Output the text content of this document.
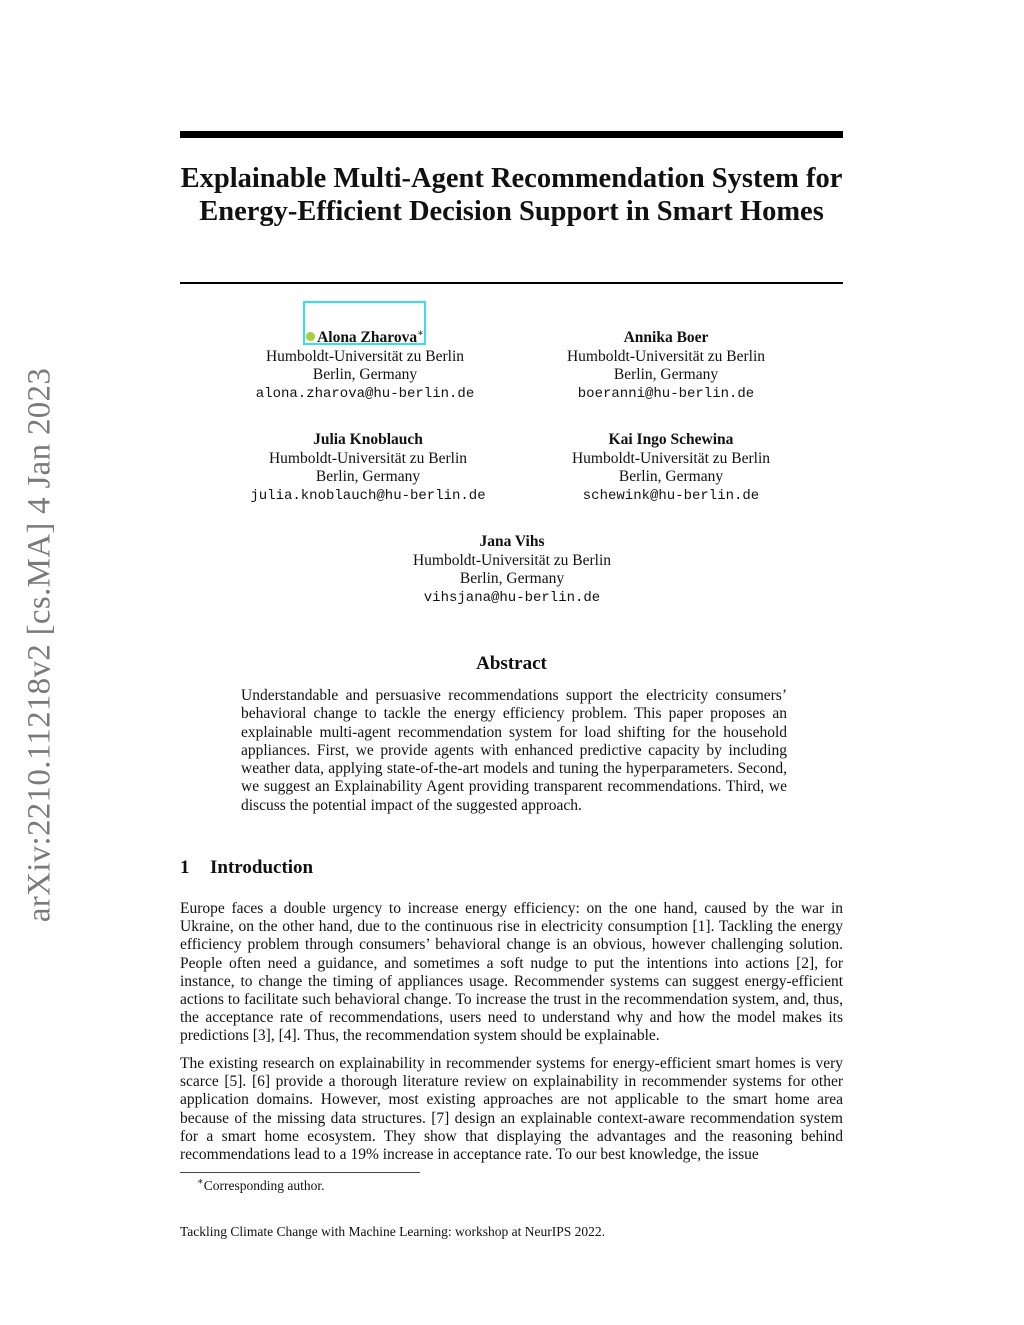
arXiv:2210.11218v2 [cs.MA] 4 Jan 2023
Explainable Multi-Agent Recommendation System for Energy-Efficient Decision Support in Smart Homes
Alona Zharova∗
Humboldt-Universität zu Berlin
Berlin, Germany
alona.zharova@hu-berlin.de
Annika Boer
Humboldt-Universität zu Berlin
Berlin, Germany
boeranni@hu-berlin.de
Julia Knoblauch
Humboldt-Universität zu Berlin
Berlin, Germany
julia.knoblauch@hu-berlin.de
Kai Ingo Schewina
Humboldt-Universität zu Berlin
Berlin, Germany
schewink@hu-berlin.de
Jana Vihs
Humboldt-Universität zu Berlin
Berlin, Germany
vihsjana@hu-berlin.de
Abstract
Understandable and persuasive recommendations support the electricity consumers’ behavioral change to tackle the energy efficiency problem. This paper proposes an explainable multi-agent recommendation system for load shifting for the household appliances. First, we provide agents with enhanced predictive capacity by including weather data, applying state-of-the-art models and tuning the hyperparameters. Second, we suggest an Explainability Agent providing transparent recommendations. Third, we discuss the potential impact of the suggested approach.
1 Introduction
Europe faces a double urgency to increase energy efficiency: on the one hand, caused by the war in Ukraine, on the other hand, due to the continuous rise in electricity consumption [1]. Tackling the energy efficiency problem through consumers’ behavioral change is an obvious, however challenging solution. People often need a guidance, and sometimes a soft nudge to put the intentions into actions [2], for instance, to change the timing of appliances usage. Recommender systems can suggest energy-efficient actions to facilitate such behavioral change. To increase the trust in the recommendation system, and, thus, the acceptance rate of recommendations, users need to understand why and how the model makes its predictions [3], [4]. Thus, the recommendation system should be explainable.
The existing research on explainability in recommender systems for energy-efficient smart homes is very scarce [5]. [6] provide a thorough literature review on explainability in recommender systems for other application domains. However, most existing approaches are not applicable to the smart home area because of the missing data structures. [7] design an explainable context-aware recommendation system for a smart home ecosystem. They show that displaying the advantages and the reasoning behind recommendations lead to a 19% increase in acceptance rate. To our best knowledge, the issue
∗Corresponding author.
Tackling Climate Change with Machine Learning: workshop at NeurIPS 2022.
